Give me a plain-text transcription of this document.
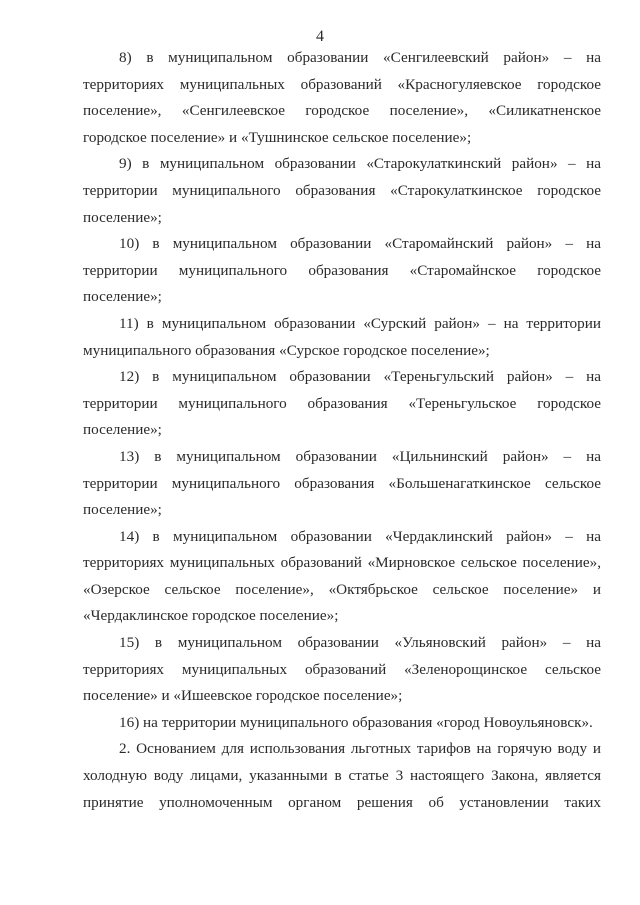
4

8) в муниципальном образовании «Сенгилеевский район» – на территориях муниципальных образований «Красногуляевское городское поселение», «Сенгилеевское городское поселение», «Силикатненское городское поселение» и «Тушнинское сельское поселение»;

9) в муниципальном образовании «Старокулаткинский район» – на территории муниципального образования «Старокулаткинское городское поселение»;

10) в муниципальном образовании «Старомайнский район» – на территории муниципального образования «Старомайнское городское поселение»;

11) в муниципальном образовании «Сурский район» – на территории муниципального образования «Сурское городское поселение»;

12) в муниципальном образовании «Тереньгульский район» – на территории муниципального образования «Тереньгульское городское поселение»;

13) в муниципальном образовании «Цильнинский район» – на территории муниципального образования «Большенагаткинское сельское поселение»;

14) в муниципальном образовании «Чердаклинский район» – на территориях муниципальных образований «Мирновское сельское поселение», «Озерское сельское поселение», «Октябрьское сельское поселение» и «Чердаклинское городское поселение»;

15) в муниципальном образовании «Ульяновский район» – на территориях муниципальных образований «Зеленорощинское сельское поселение» и «Ишеевское городское поселение»;

16) на территории муниципального образования «город Новоульяновск».

2. Основанием для использования льготных тарифов на горячую воду и холодную воду лицами, указанными в статье 3 настоящего Закона, является принятие уполномоченным органом решения об установлении таких
